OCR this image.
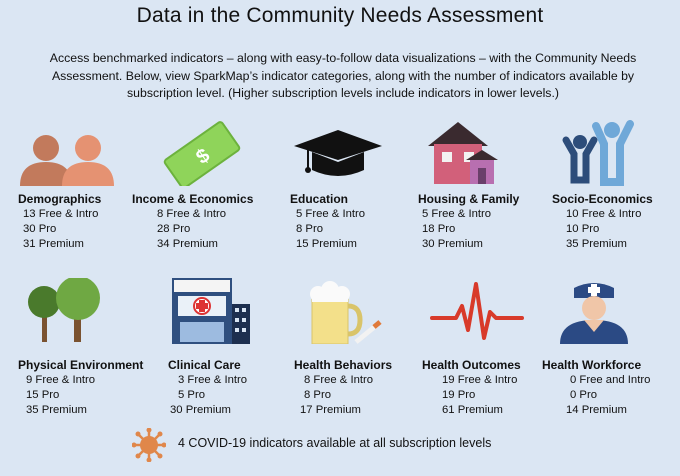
Data in the Community Needs Assessment
Access benchmarked indicators – along with easy-to-follow data visualizations – with the Community Needs
Assessment. Below, view SparkMap’s indicator categories, along with the number of indicators available by
subscription level. (Higher subscription levels include indicators in lower levels.)
Demographics
13 Free & Intro
30 Pro
31 Premium
$
Income & Economics
8 Free & Intro
28 Pro
34 Premium
Education
5 Free & Intro
8 Pro
15 Premium
Housing & Family
5 Free & Intro
18 Pro
30 Premium
Socio-Economics
10 Free & Intro
10 Pro
35 Premium
Physical Environment
9 Free & Intro
15 Pro
35 Premium
Clinical Care
3 Free & Intro
5 Pro
30 Premium
Health Behaviors
8 Free & Intro
8 Pro
17 Premium
Health Outcomes
19 Free & Intro
19 Pro
61 Premium
Health Workforce
0 Free and Intro
0 Pro
14 Premium
4 COVID-19 indicators available at all subscription levels
